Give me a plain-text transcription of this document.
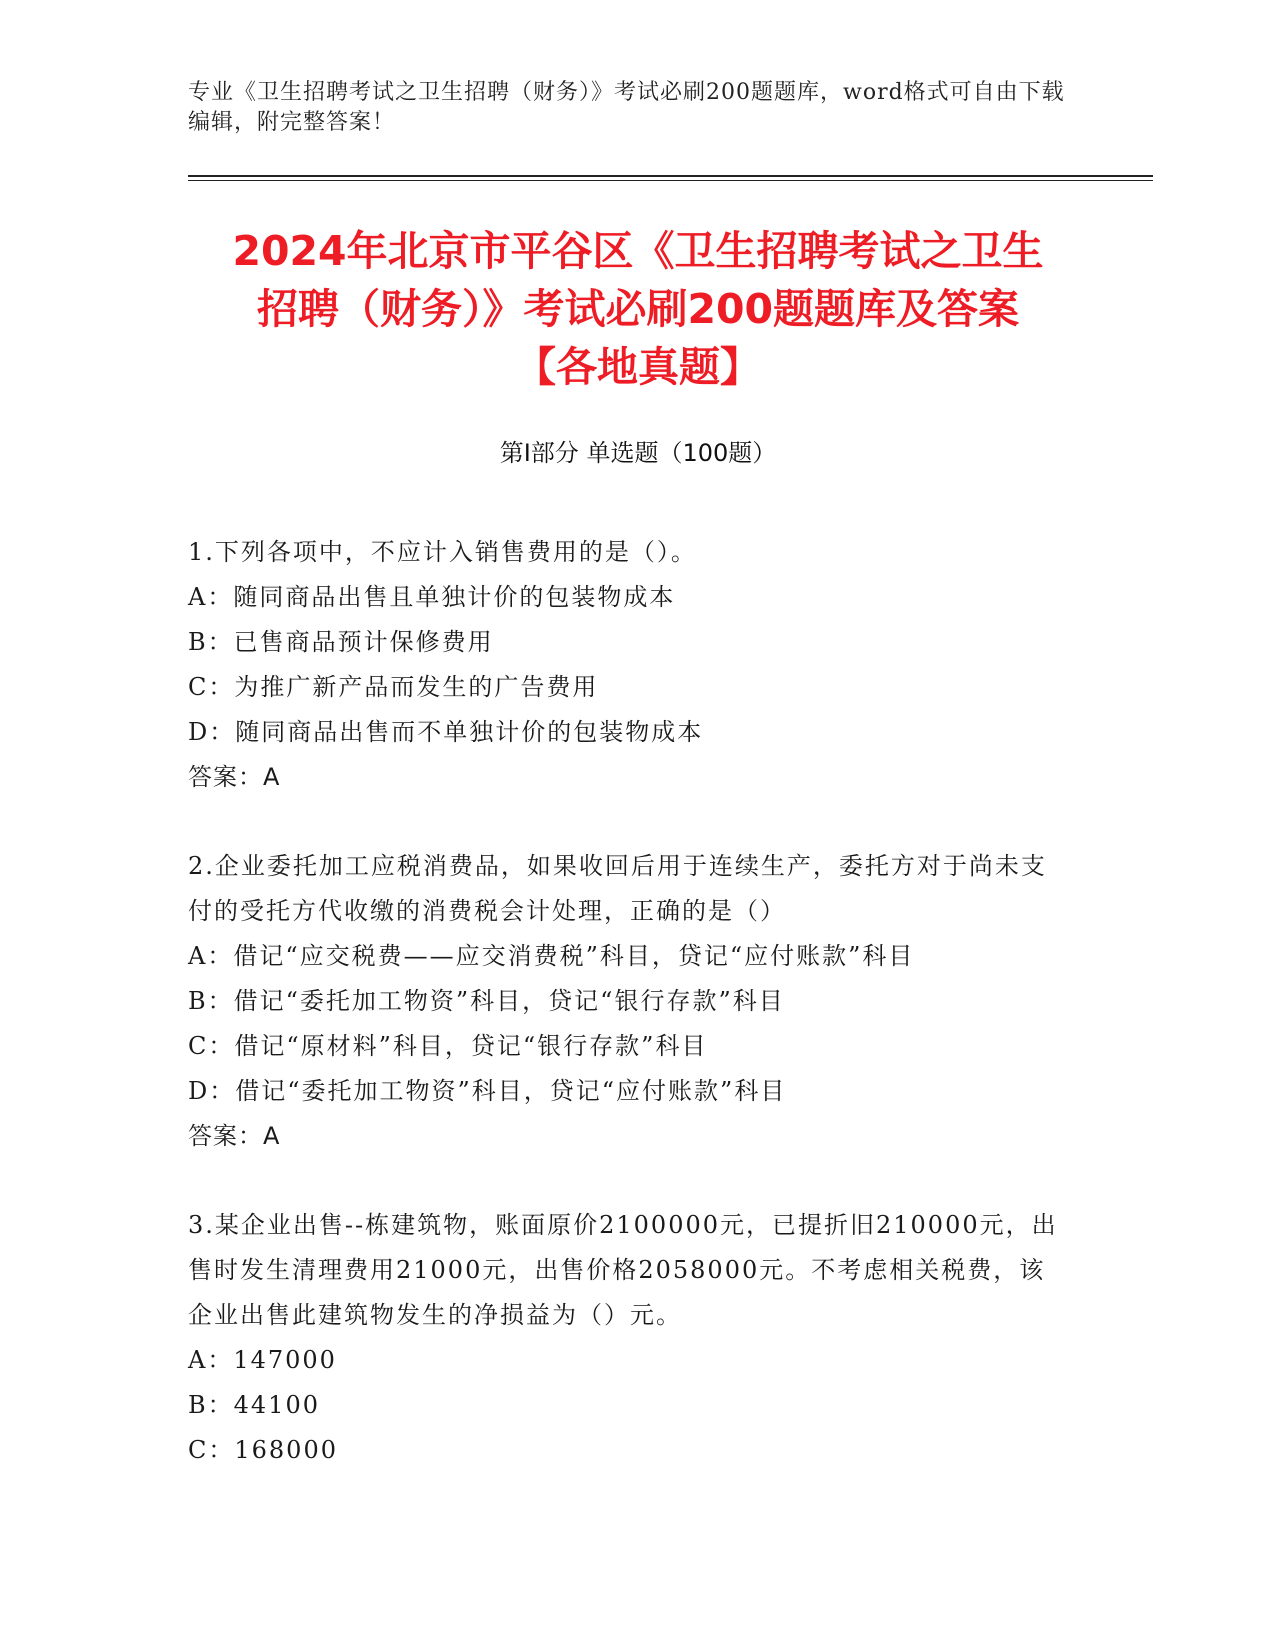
专业《卫生招聘考试之卫生招聘（财务）》考试必刷200题题库，word格式可自由下载编辑，附完整答案！
2024年北京市平谷区《卫生招聘考试之卫生
招聘（财务）》考试必刷200题题库及答案
【各地真题】
第Ⅰ部分 单选题（100题）
1.下列各项中，不应计入销售费用的是（）。
A：随同商品出售且单独计价的包装物成本
B：已售商品预计保修费用
C：为推广新产品而发生的广告费用
D：随同商品出售而不单独计价的包装物成本
答案：A
2.企业委托加工应税消费品，如果收回后用于连续生产，委托方对于尚未支付的受托方代收缴的消费税会计处理，正确的是（）
A：借记“应交税费——应交消费税”科目，贷记“应付账款”科目
B：借记“委托加工物资”科目，贷记“银行存款”科目
C：借记“原材料”科目，贷记“银行存款”科目
D：借记“委托加工物资”科目，贷记“应付账款”科目
答案：A
3.某企业出售--栋建筑物，账面原价2100000元，已提折旧210000元，出售时发生清理费用21000元，出售价格2058000元。不考虑相关税费，该企业出售此建筑物发生的净损益为（）元。
A：147000
B：44100
C：168000
